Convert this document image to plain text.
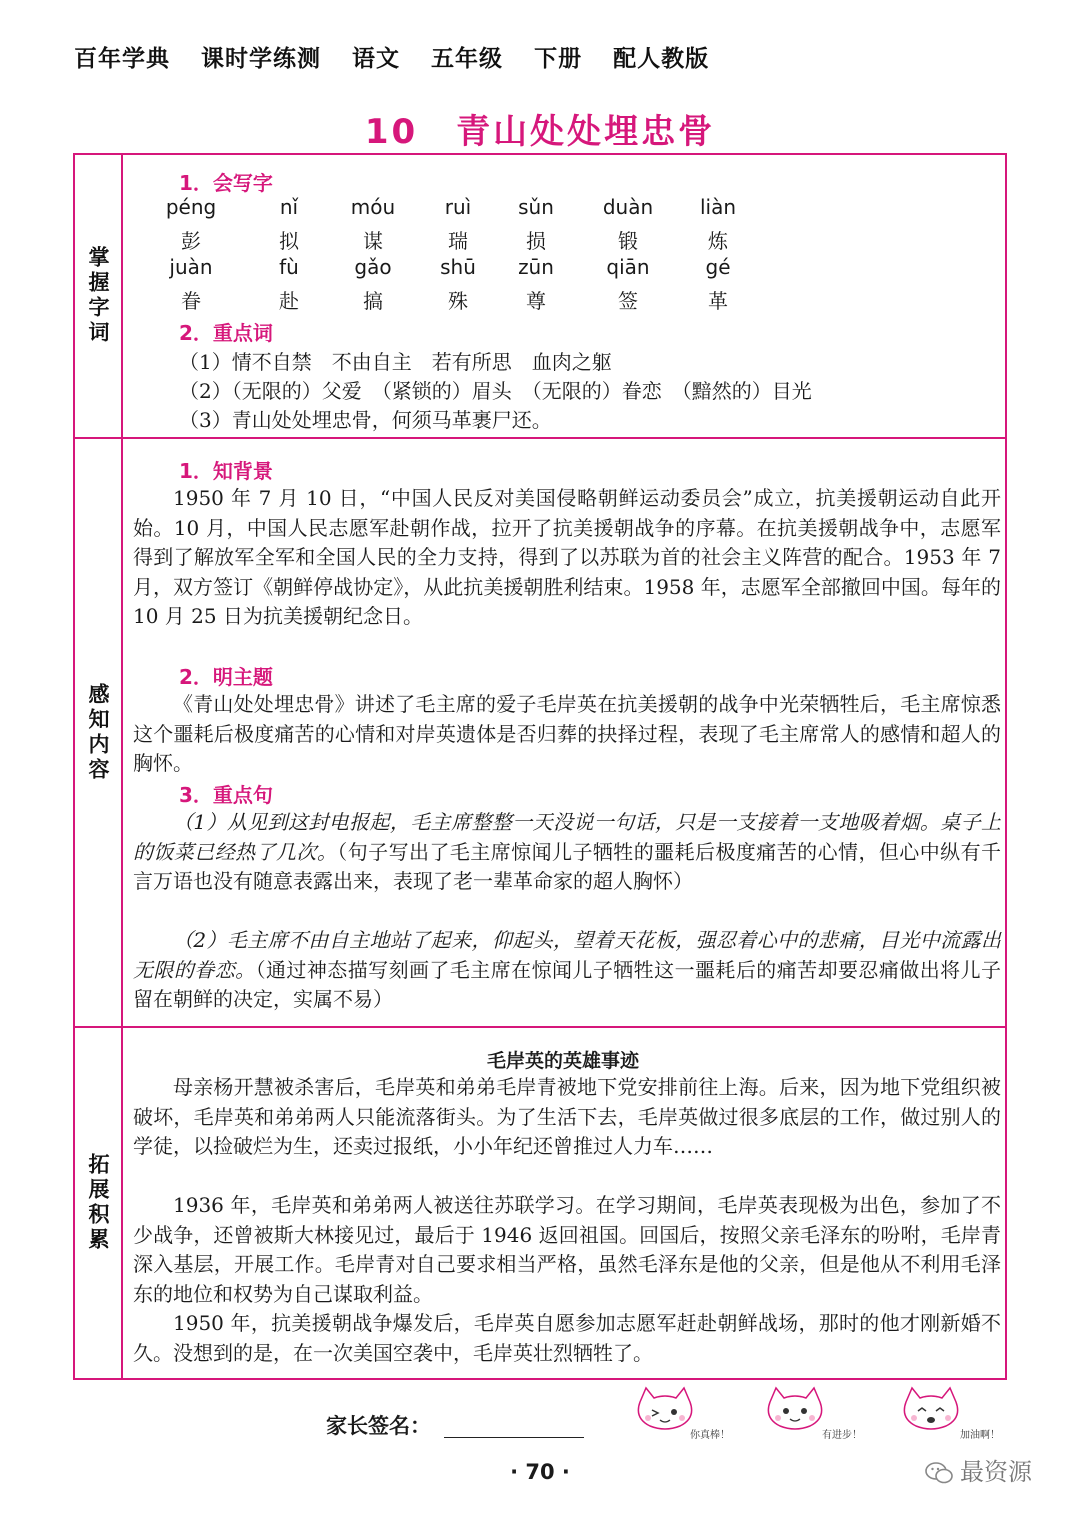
百年学典 课时学练测 语文 五年级 下册 配人教版
10 青山处处埋忠骨
掌握字词
1．会写字
péng	nǐ	móu	ruì	sǔn	duàn	liàn
彭	拟	谋	瑞	损	锻	炼
juàn	fù	gǎo	shū	zūn	qiān	gé
眷	赴	搞	殊	尊	签	革
2．重点词
（1）情不自禁　不由自主　若有所思　血肉之躯
（2）（无限的）父爱　（紧锁的）眉头　（无限的）眷恋　（黯然的）目光
（3）青山处处埋忠骨，何须马革裹尸还。
感知内容
1．知背景

1950 年 7 月 10 日，“中国人民反对美国侵略朝鲜运动委员会”成立，抗美援朝运动自此开始。10 月，中国人民志愿军赴朝作战，拉开了抗美援朝战争的序幕。在抗美援朝战争中，志愿军得到了解放军全军和全国人民的全力支持，得到了以苏联为首的社会主义阵营的配合。1953 年 7 月，双方签订《朝鲜停战协定》，从此抗美援朝胜利结束。1958 年，志愿军全部撤回中国。每年的 10 月 25 日为抗美援朝纪念日。

2．明主题

《青山处处埋忠骨》讲述了毛主席的爱子毛岸英在抗美援朝的战争中光荣牺牲后，毛主席惊悉这个噩耗后极度痛苦的心情和对岸英遗体是否归葬的抉择过程，表现了毛主席常人的感情和超人的胸怀。

3．重点句

（1）从见到这封电报起，毛主席整整一天没说一句话，只是一支接着一支地吸着烟。桌子上的饭菜已经热了几次。（句子写出了毛主席惊闻儿子牺牲的噩耗后极度痛苦的心情，但心中纵有千言万语也没有随意表露出来，表现了老一辈革命家的超人胸怀）

（2）毛主席不由自主地站了起来，仰起头，望着天花板，强忍着心中的悲痛，目光中流露出无限的眷恋。（通过神态描写刻画了毛主席在惊闻儿子牺牲这一噩耗后的痛苦却要忍痛做出将儿子留在朝鲜的决定，实属不易）

拓展积累
毛岸英的英雄事迹

母亲杨开慧被杀害后，毛岸英和弟弟毛岸青被地下党安排前往上海。后来，因为地下党组织被破坏，毛岸英和弟弟两人只能流落街头。为了生活下去，毛岸英做过很多底层的工作，做过别人的学徒，以捡破烂为生，还卖过报纸，小小年纪还曾推过人力车……

1936 年，毛岸英和弟弟两人被送往苏联学习。在学习期间，毛岸英表现极为出色，参加了不少战争，还曾被斯大林接见过，最后于 1946 返回祖国。回国后，按照父亲毛泽东的吩咐，毛岸青深入基层，开展工作。毛岸青对自己要求相当严格，虽然毛泽东是他的父亲，但是他从不利用毛泽东的地位和权势为自己谋取利益。

1950 年，抗美援朝战争爆发后，毛岸英自愿参加志愿军赶赴朝鲜战场，那时的他才刚新婚不久。没想到的是，在一次美国空袭中，毛岸英壮烈牺牲了。

家长签名：	你真棒！	有进步！	加油啊！
· 70 ·	最资源
